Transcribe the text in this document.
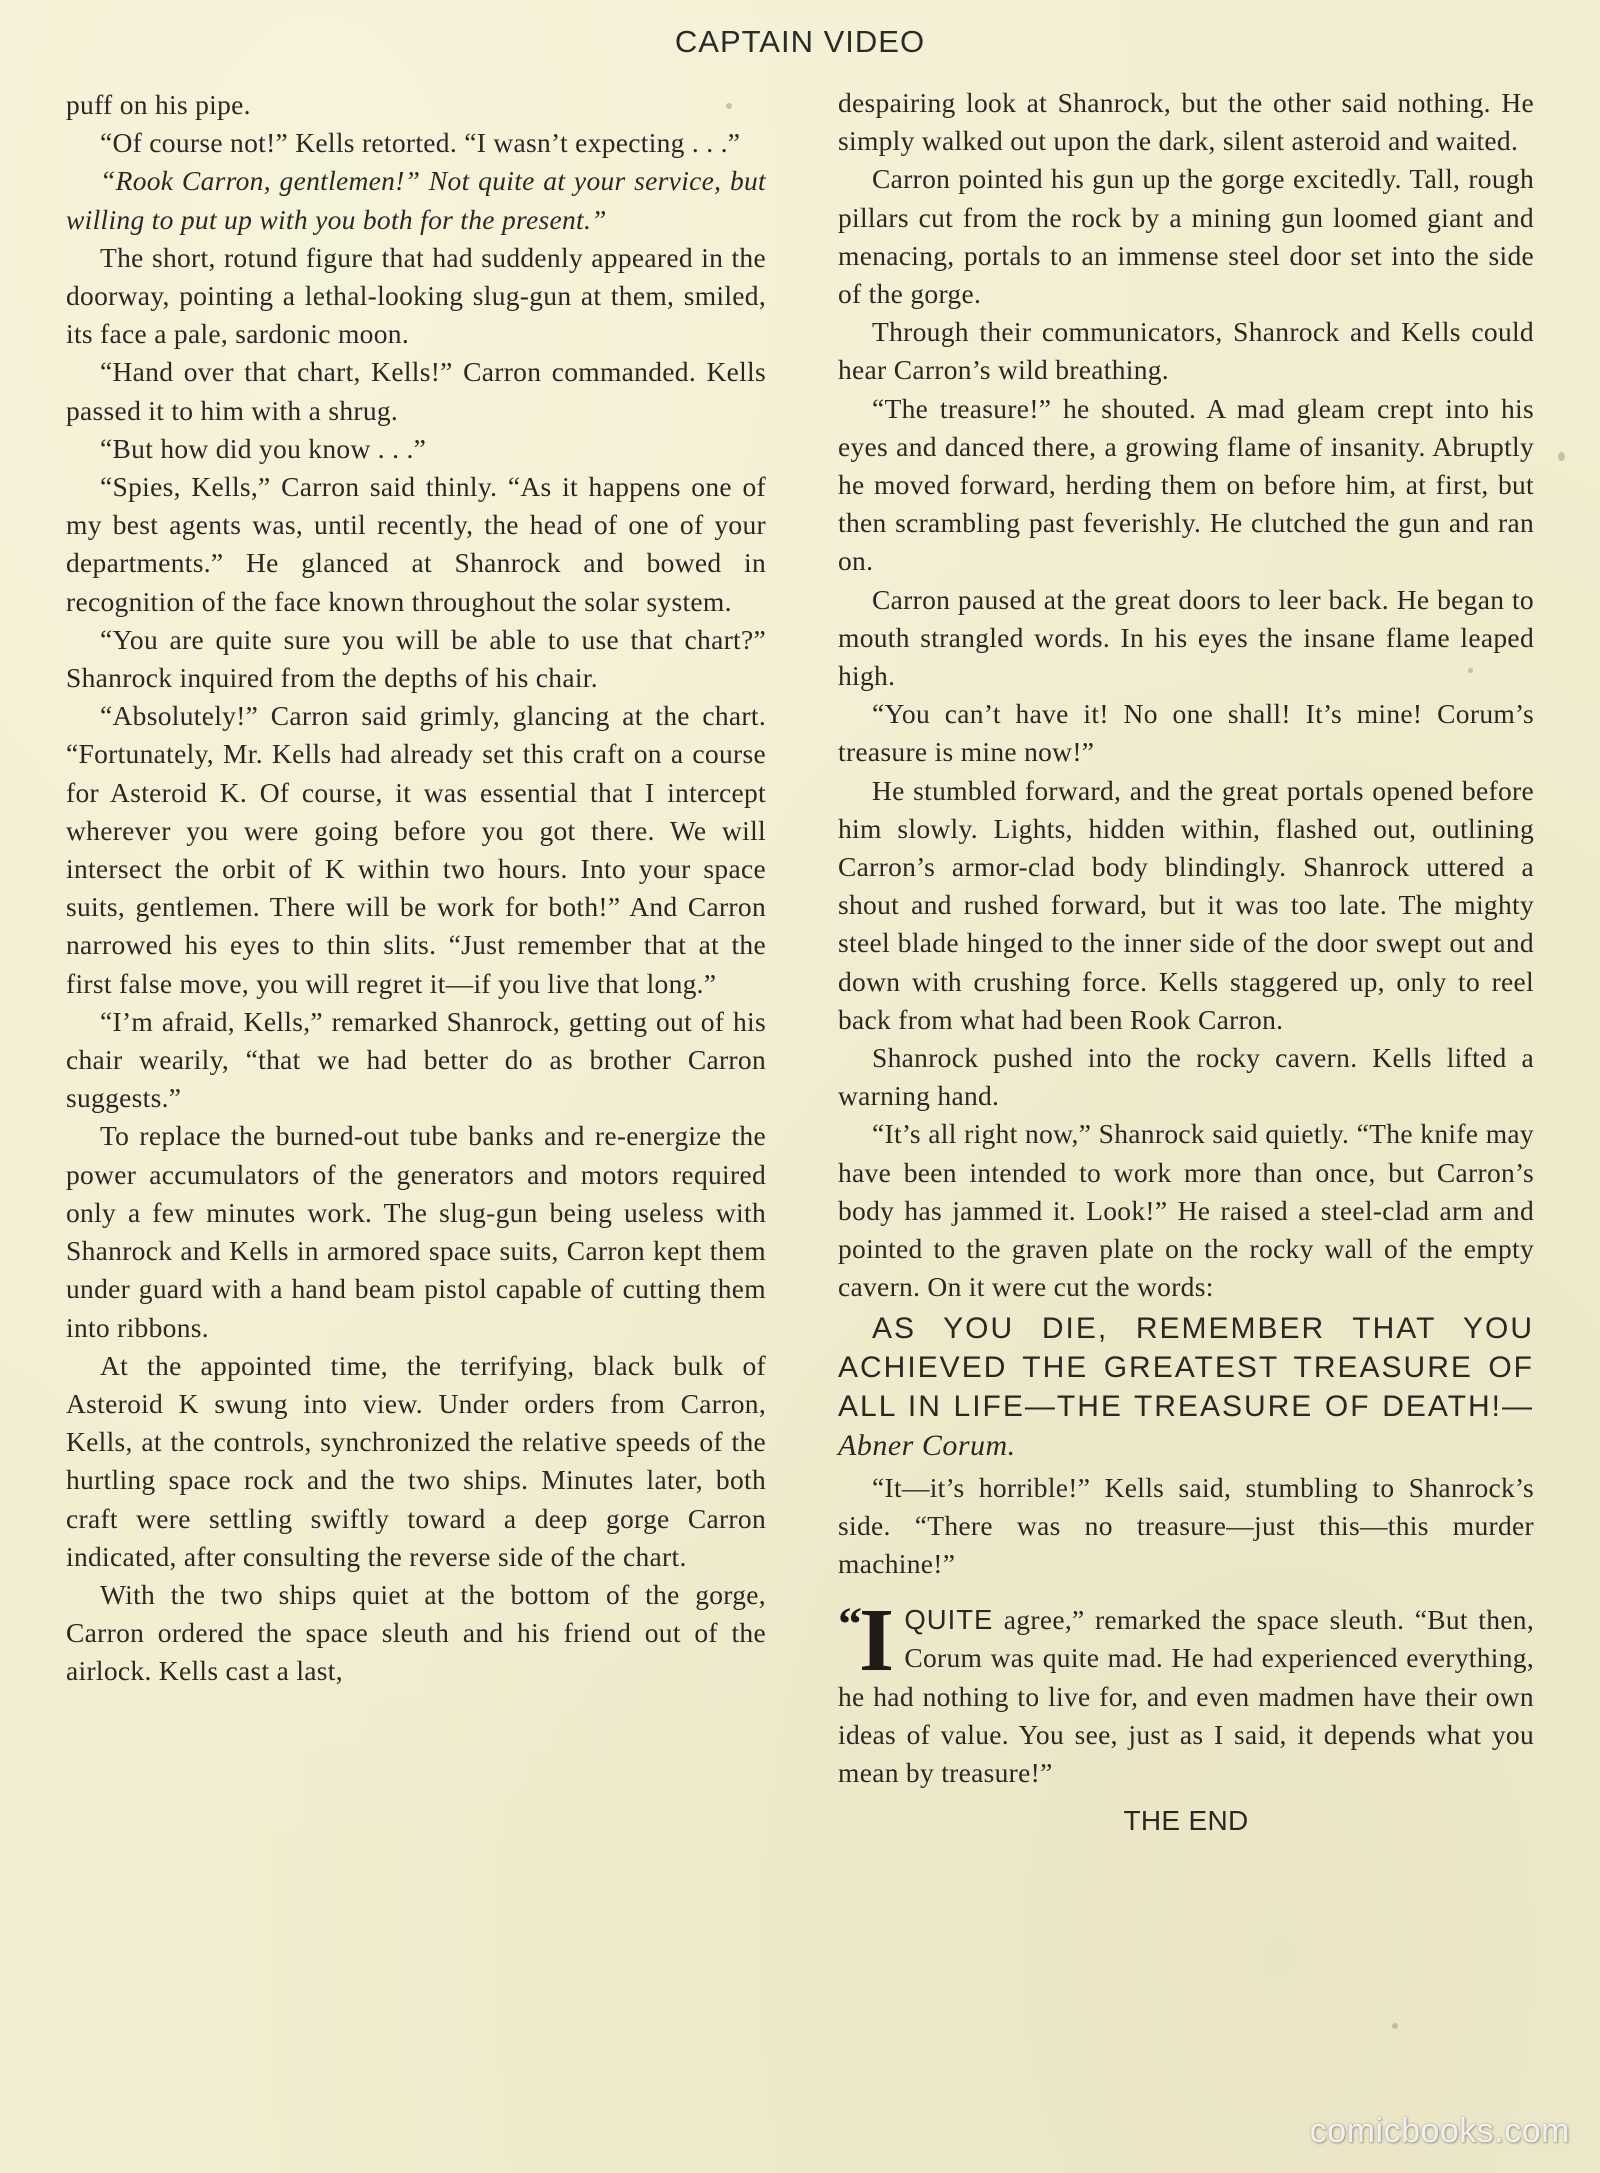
CAPTAIN VIDEO

puff on his pipe.

“Of course not!” Kells retorted. “I wasn’t expecting . . .”

“Rook Carron, gentlemen!” Not quite at your service, but willing to put up with you both for the present.”

The short, rotund figure that had suddenly appeared in the doorway, pointing a lethal-looking slug-gun at them, smiled, its face a pale, sardonic moon.

“Hand over that chart, Kells!” Carron commanded. Kells passed it to him with a shrug.

“But how did you know . . .”

“Spies, Kells,” Carron said thinly. “As it happens one of my best agents was, until recently, the head of one of your departments.” He glanced at Shanrock and bowed in recognition of the face known throughout the solar system.

“You are quite sure you will be able to use that chart?” Shanrock inquired from the depths of his chair.

“Absolutely!” Carron said grimly, glancing at the chart. “Fortunately, Mr. Kells had already set this craft on a course for Asteroid K. Of course, it was essential that I intercept wherever you were going before you got there. We will intersect the orbit of K within two hours. Into your space suits, gentlemen. There will be work for both!” And Carron narrowed his eyes to thin slits. “Just remember that at the first false move, you will regret it—if you live that long.”

“I’m afraid, Kells,” remarked Shanrock, getting out of his chair wearily, “that we had better do as brother Carron suggests.”

To replace the burned-out tube banks and re-energize the power accumulators of the generators and motors required only a few minutes work. The slug-gun being useless with Shanrock and Kells in armored space suits, Carron kept them under guard with a hand beam pistol capable of cutting them into ribbons.

At the appointed time, the terrifying, black bulk of Asteroid K swung into view. Under orders from Carron, Kells, at the controls, synchronized the relative speeds of the hurtling space rock and the two ships. Minutes later, both craft were settling swiftly toward a deep gorge Carron indicated, after consulting the reverse side of the chart.

With the two ships quiet at the bottom of the gorge, Carron ordered the space sleuth and his friend out of the airlock. Kells cast a last,

despairing look at Shanrock, but the other said nothing. He simply walked out upon the dark, silent asteroid and waited.

Carron pointed his gun up the gorge excitedly. Tall, rough pillars cut from the rock by a mining gun loomed giant and menacing, portals to an immense steel door set into the side of the gorge.

Through their communicators, Shanrock and Kells could hear Carron’s wild breathing.

“The treasure!” he shouted. A mad gleam crept into his eyes and danced there, a growing flame of insanity. Abruptly he moved forward, herding them on before him, at first, but then scrambling past feverishly. He clutched the gun and ran on.

Carron paused at the great doors to leer back. He began to mouth strangled words. In his eyes the insane flame leaped high.

“You can’t have it! No one shall! It’s mine! Corum’s treasure is mine now!”

He stumbled forward, and the great portals opened before him slowly. Lights, hidden within, flashed out, outlining Carron’s armor-clad body blindingly. Shanrock uttered a shout and rushed forward, but it was too late. The mighty steel blade hinged to the inner side of the door swept out and down with crushing force. Kells staggered up, only to reel back from what had been Rook Carron.

Shanrock pushed into the rocky cavern. Kells lifted a warning hand.

“It’s all right now,” Shanrock said quietly. “The knife may have been intended to work more than once, but Carron’s body has jammed it. Look!” He raised a steel-clad arm and pointed to the graven plate on the rocky wall of the empty cavern. On it were cut the words:

AS YOU DIE, REMEMBER THAT YOU ACHIEVED THE GREATEST TREASURE OF ALL IN LIFE—THE TREASURE OF DEATH!—Abner Corum.

“It—it’s horrible!” Kells said, stumbling to Shanrock’s side. “There was no treasure—just this—this murder machine!”

“ I QUITE agree,” remarked the space sleuth. “But then, Corum was quite mad. He had experienced everything, he had nothing to live for, and even madmen have their own ideas of value. You see, just as I said, it depends what you mean by treasure!”

THE END

comicbooks.com
